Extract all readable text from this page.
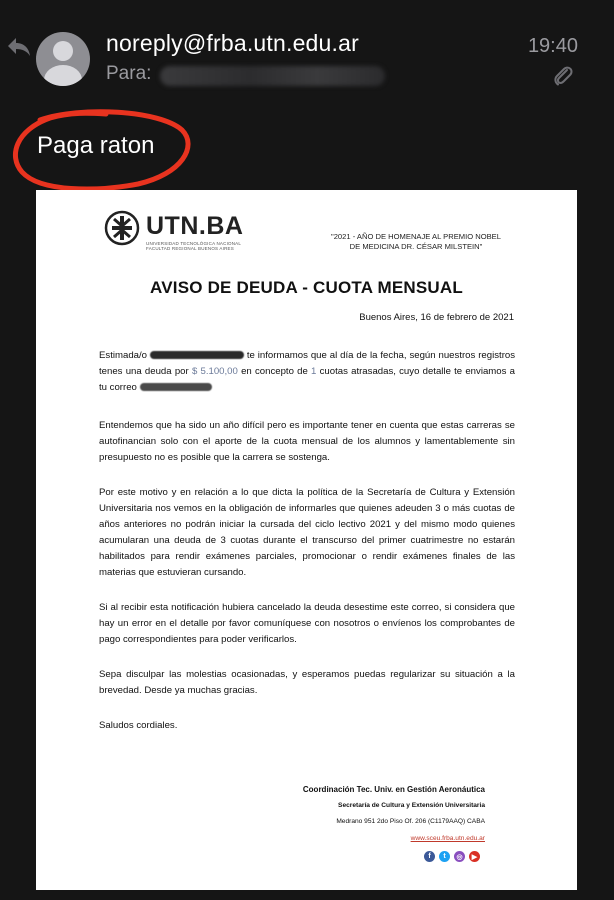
noreply@frba.utn.edu.ar	19:40
Para:
Paga raton
UTN.BA
UNIVERSIDAD TECNOLÓGICA NACIONAL
FACULTAD REGIONAL BUENOS AIRES
"2021 - AÑO DE HOMENAJE AL PREMIO NOBEL
DE MEDICINA DR. CÉSAR MILSTEIN"
AVISO DE DEUDA - CUOTA MENSUAL
Buenos Aires, 16 de febrero de 2021
Estimada/o	te informamos que al día de la fecha, según nuestros registros tenes una deuda por $ 5.100,00 en concepto de 1 cuotas atrasadas, cuyo detalle te enviamos a tu correo
Entendemos que ha sido un año difícil pero es importante tener en cuenta que estas carreras se autofinancian solo con el aporte de la cuota mensual de los alumnos y lamentablemente sin presupuesto no es posible que la carrera se sostenga.
Por este motivo y en relación a lo que dicta la política de la Secretaría de Cultura y Extensión Universitaria nos vemos en la obligación de informarles que quienes adeuden 3 o más cuotas de años anteriores no podrán iniciar la cursada del ciclo lectivo 2021 y del mismo modo quienes acumularan una deuda de 3 cuotas durante el transcurso del primer cuatrimestre no estarán habilitados para rendir exámenes parciales, promocionar o rendir exámenes finales de las materias que estuvieran cursando.
Si al recibir esta notificación hubiera cancelado la deuda desestime este correo, si considera que hay un error en el detalle por favor comuníquese con nosotros o envíenos los comprobantes de pago correspondientes para poder verificarlos.
Sepa disculpar las molestias ocasionadas, y esperamos puedas regularizar su situación a la brevedad. Desde ya muchas gracias.
Saludos cordiales.
Coordinación Tec. Univ. en Gestión Aeronáutica
Secretaría de Cultura y Extensión Universitaria
Medrano 951 2do Piso Of. 206 (C1179AAQ) CABA
www.sceu.frba.utn.edu.ar
f	t	◎	▶
